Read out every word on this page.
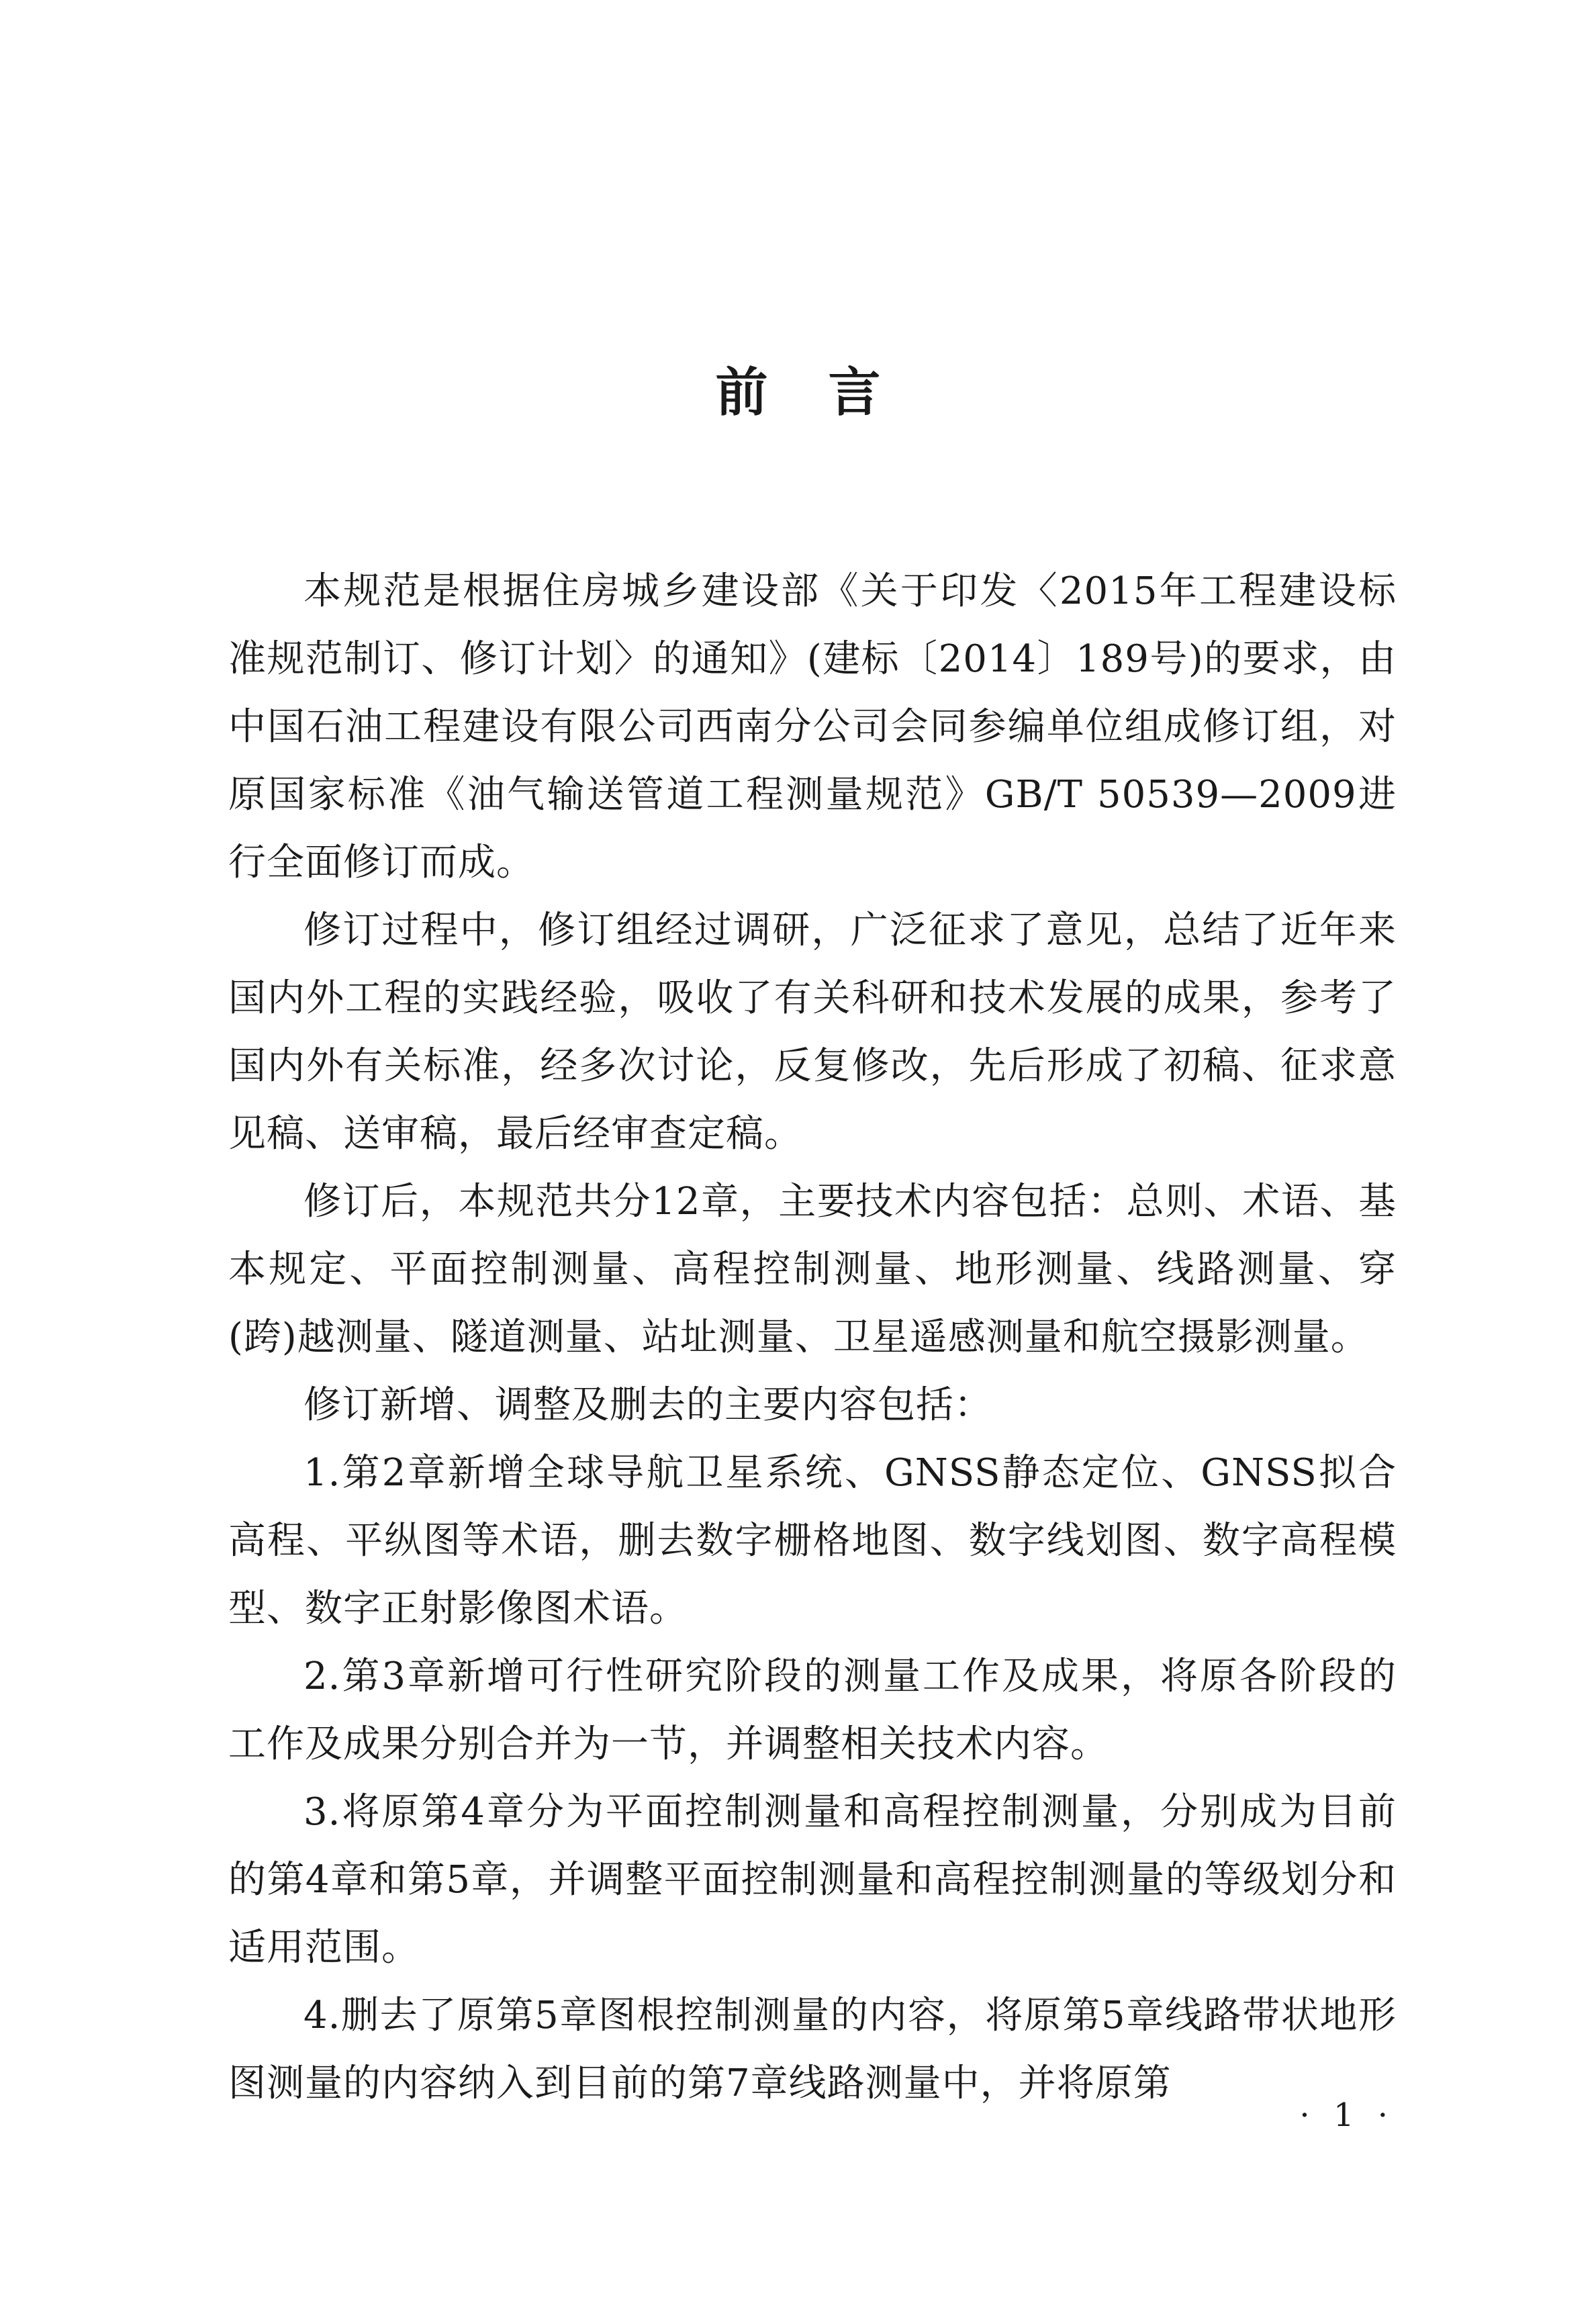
前言

本规范是根据住房城乡建设部《关于印发〈2015年工程建设标准规范制订、修订计划〉的通知》(建标〔2014〕189号)的要求，由中国石油工程建设有限公司西南分公司会同参编单位组成修订组，对原国家标准《油气输送管道工程测量规范》GB/T 50539—2009进行全面修订而成。

修订过程中，修订组经过调研，广泛征求了意见，总结了近年来国内外工程的实践经验，吸收了有关科研和技术发展的成果，参考了国内外有关标准，经多次讨论，反复修改，先后形成了初稿、征求意见稿、送审稿，最后经审查定稿。

修订后，本规范共分12章，主要技术内容包括：总则、术语、基本规定、平面控制测量、高程控制测量、地形测量、线路测量、穿(跨)越测量、隧道测量、站址测量、卫星遥感测量和航空摄影测量。

修订新增、调整及删去的主要内容包括：

1.第2章新增全球导航卫星系统、GNSS静态定位、GNSS拟合高程、平纵图等术语，删去数字栅格地图、数字线划图、数字高程模型、数字正射影像图术语。

2.第3章新增可行性研究阶段的测量工作及成果，将原各阶段的工作及成果分别合并为一节，并调整相关技术内容。

3.将原第4章分为平面控制测量和高程控制测量，分别成为目前的第4章和第5章，并调整平面控制测量和高程控制测量的等级划分和适用范围。

4.删去了原第5章图根控制测量的内容，将原第5章线路带状地形图测量的内容纳入到目前的第7章线路测量中，并将原第

· 1 ·
